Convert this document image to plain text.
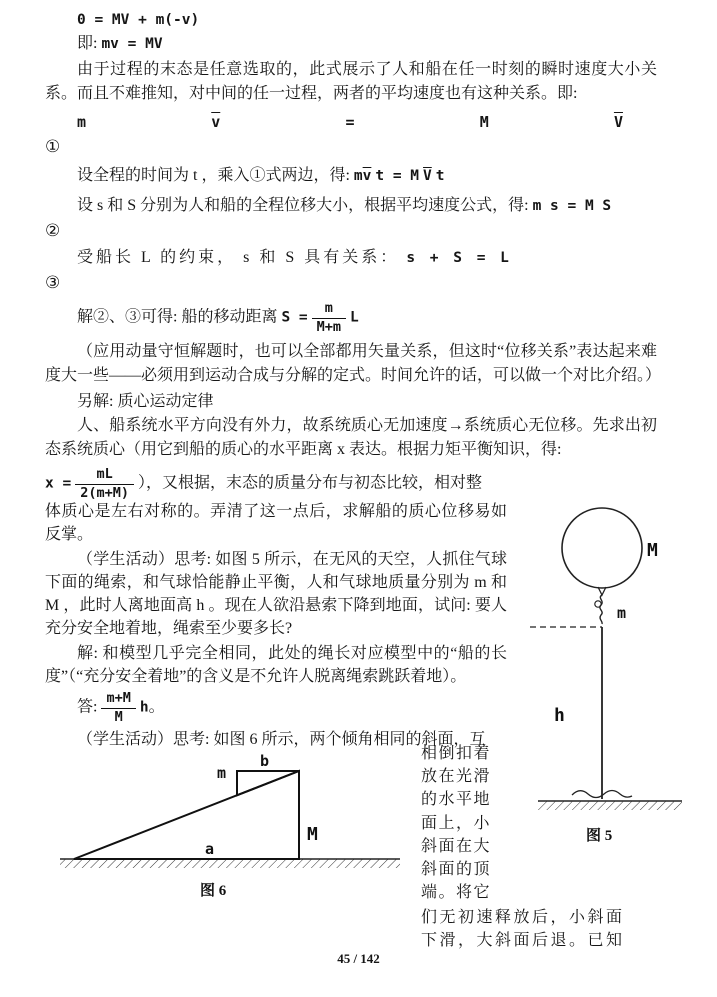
0 = MV + m(-v)

即: mv = MV

由于过程的末态是任意选取的，此式展示了人和船在任一时刻的瞬时速度大小关系。而且不难推知，对中间的任一过程，两者的平均速度也有这种关系。即:

m	$\overline{v}$	=	M	$\overline{V}$

①

设全程的时间为 t ，乘入①式两边，得: $m\overline{v}$ t = M $\overline{V}$ t

设 s 和 S 分别为人和船的全程位移大小，根据平均速度公式，得: m s = M S

②

受船长 L 的约束， s 和 S 具有关系： s + S = L

③

解②、③可得: 船的移动距离 $S = \frac{m}{M+m}$ L

（应用动量守恒解题时，也可以全部都用矢量关系，但这时“位移关系”表达起来难度大一些——必须用到运动合成与分解的定式。时间允许的话，可以做一个对比介绍。）

另解: 质心运动定律

人、船系统水平方向没有外力，故系统质心无加速度→系统质心无位移。先求出初态系统质心（用它到船的质心的水平距离 x 表达。根据力矩平衡知识，得:

$x = \frac{mL}{2(m+M)}$ ），又根据，末态的质量分布与初态比较，相对整

体质心是左右对称的。弄清了这一点后，求解船的质心位移易如反掌。

（学生活动）思考: 如图 5 所示，在无风的天空，人抓住气球下面的绳索，和气球恰能静止平衡，人和气球地质量分别为 m 和 M ，此时人离地面高 h 。现在人欲沿悬索下降到地面，试问: 要人充分安全地着地，绳索至少要多长?

解: 和模型几乎完全相同，此处的绳长对应模型中的“船的长度”（“充分安全着地”的含义是不允许人脱离绳索跳跃着地）。

答: $\frac{m+M}{M}$ h。

（学生活动）思考: 如图 6 所示，两个倾角相同的斜面，互

M
m
h
图 5
m
b
M
a
图 6

相倒扣着

放在光滑

的水平地

面上，小

斜面在大

斜面的顶

端。将它

们无初速释放后，小斜面

下滑，大斜面后退。已知

45 / 142
